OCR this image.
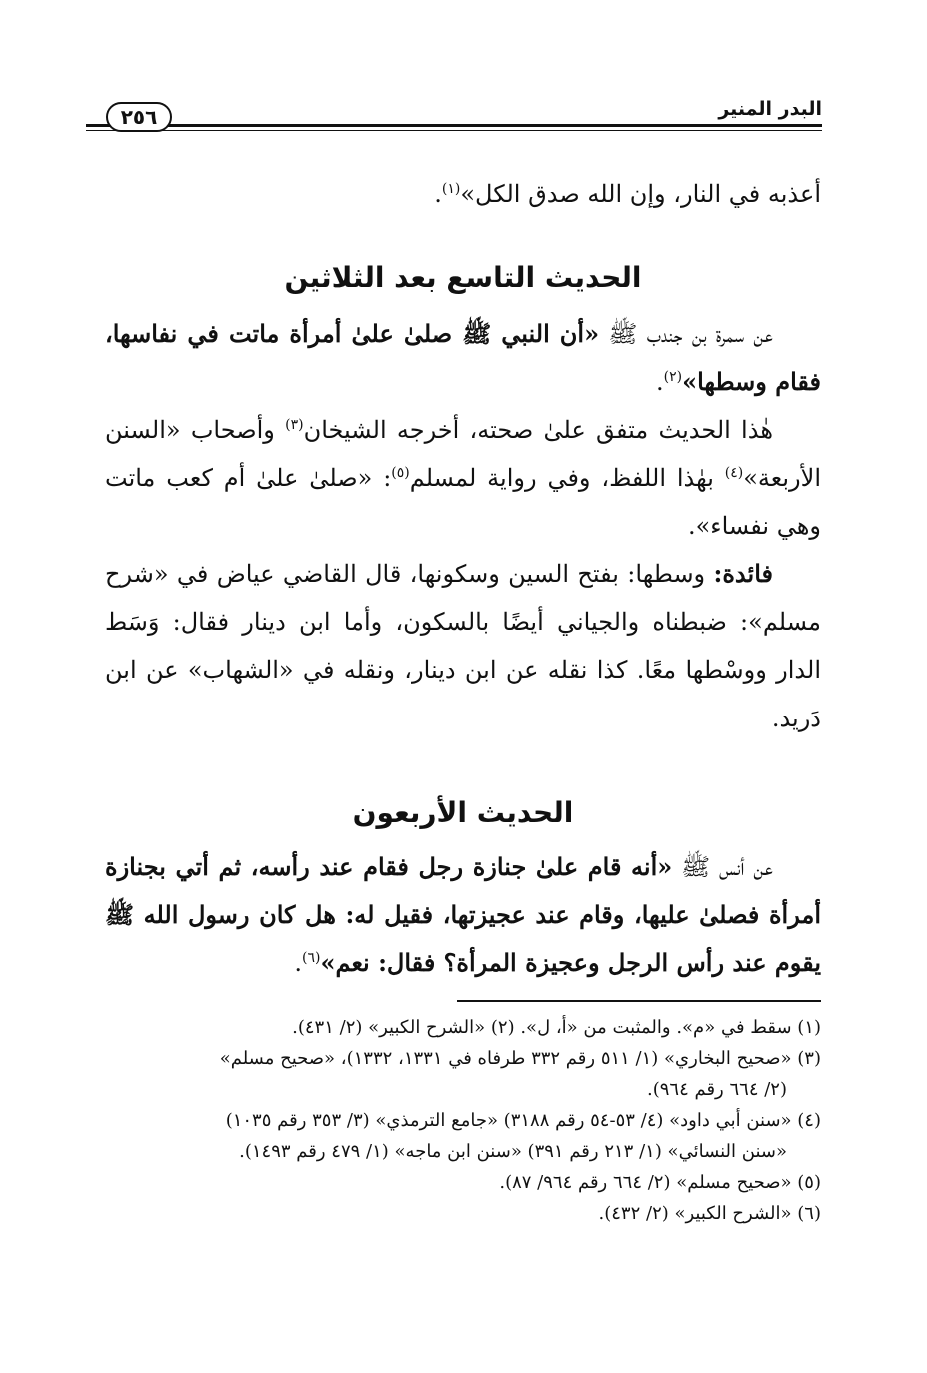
البدر المنير
٢٥٦

أعذبه في النار، وإن الله صدق الكل»$^{(١)}$.

الحديث التاسع بعد الثلاثين

عن سمرة بن جندب ﷺ «أن النبي ﷺ صلىٰ علىٰ أمرأة ماتت في نفاسها، فقام وسطها»$^{(٢)}$.

هٰذا الحديث متفق علىٰ صحته، أخرجه الشيخان$^{(٣)}$ وأصحاب «السنن الأربعة»$^{(٤)}$ بهٰذا اللفظ، وفي رواية لمسلم$^{(٥)}$: «صلىٰ علىٰ أم كعب ماتت وهي نفساء».

فائدة: وسطها: بفتح السين وسكونها، قال القاضي عياض في «شرح مسلم»: ضبطناه والجياني أيضًا بالسكون، وأما ابن دينار فقال: وَسَط الدار ووسْطها معًا. كذا نقله عن ابن دينار، ونقله في «الشهاب» عن ابن دَريد.

الحديث الأربعون

عن أنس ﷺ «أنه قام علىٰ جنازة رجل فقام عند رأسه، ثم أتي بجنازة أمرأة فصلىٰ عليها، وقام عند عجيزتها، فقيل له: هل كان رسول الله ﷺ يقوم عند رأس الرجل وعجيزة المرأة؟ فقال: نعم»$^{(٦)}$.

(١) سقط في «م». والمثبت من «أ، ل». (٢) «الشرح الكبير» (٢/ ٤٣١).

(٣) «صحيح البخاري» (١/ ٥١١ رقم ٣٣٢ طرفاه في ١٣٣١، ١٣٣٢)، «صحيح مسلم»

(٢/ ٦٦٤ رقم ٩٦٤).

(٤) «سنن أبي داود» (٤/ ٥٣-٥٤ رقم ٣١٨٨) «جامع الترمذي» (٣/ ٣٥٣ رقم ١٠٣٥)

«سنن النسائي» (١/ ٢١٣ رقم ٣٩١) «سنن ابن ماجه» (١/ ٤٧٩ رقم ١٤٩٣).

(٥) «صحيح مسلم» (٢/ ٦٦٤ رقم ٩٦٤/ ٨٧).

(٦) «الشرح الكبير» (٢/ ٤٣٢).
